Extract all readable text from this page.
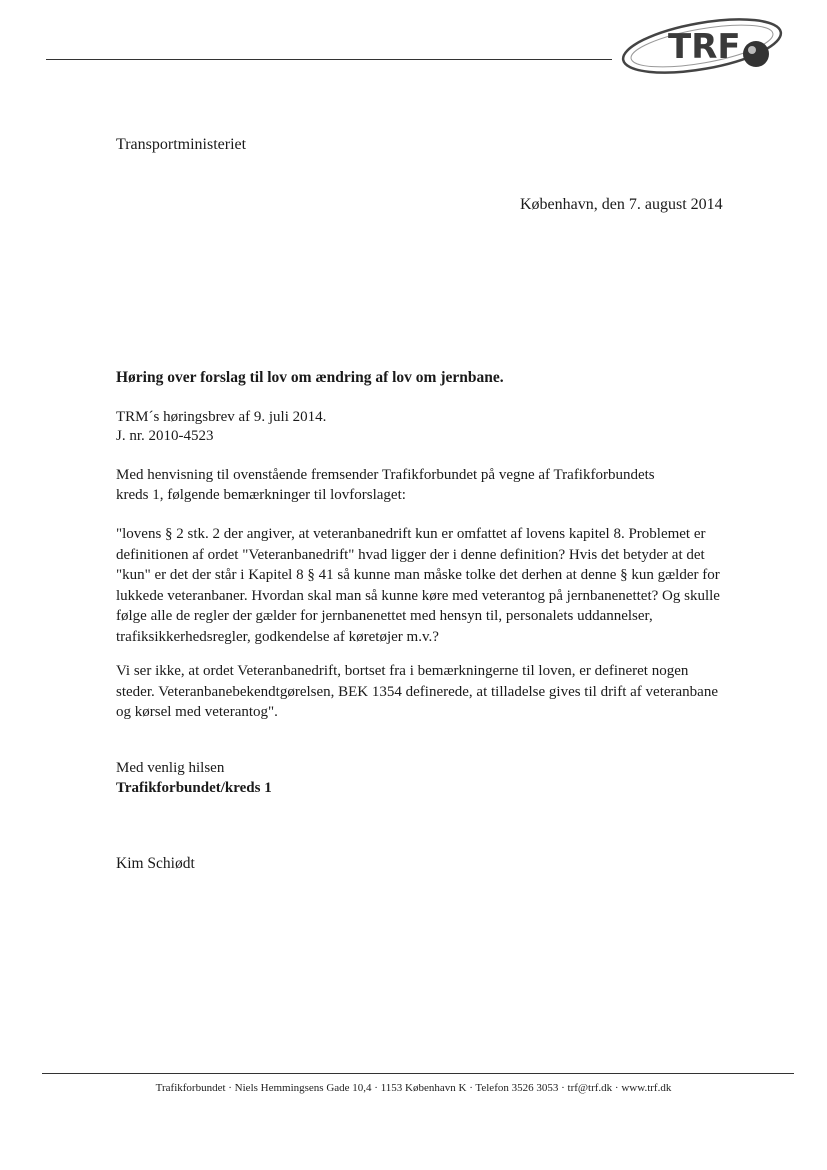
TRF
Transportministeriet
København, den 7. august 2014
Høring over forslag til lov om ændring af lov om jernbane.
TRM´s høringsbrev af 9. juli 2014.
J. nr. 2010-4523
Med henvisning til ovenstående fremsender Trafikforbundet på vegne af Trafikforbundets
kreds 1, følgende bemærkninger til lovforslaget:
"lovens § 2 stk. 2 der angiver, at veteranbanedrift kun er omfattet af lovens kapitel 8. Problemet er
definitionen af ordet "Veteranbanedrift" hvad ligger der i denne definition? Hvis det betyder at det
"kun" er det der står i Kapitel 8 § 41 så kunne man måske tolke det derhen at denne § kun gælder for
lukkede veteranbaner. Hvordan skal man så kunne køre med veterantog på jernbanenettet? Og skulle
følge alle de regler der gælder for jernbanenettet med hensyn til, personalets uddannelser,
trafiksikkerhedsregler, godkendelse af køretøjer m.v.?
Vi ser ikke, at ordet Veteranbanedrift, bortset fra i bemærkningerne til loven, er defineret nogen
steder. Veteranbanebekendtgørelsen, BEK 1354 definerede, at tilladelse gives til drift af veteranbane
og kørsel med veterantog".
Med venlig hilsen
Trafikforbundet/kreds 1
Kim Schiødt
Trafikforbundet · Niels Hemmingsens Gade 10,4 · 1153 København K · Telefon 3526 3053 · trf@trf.dk · www.trf.dk
